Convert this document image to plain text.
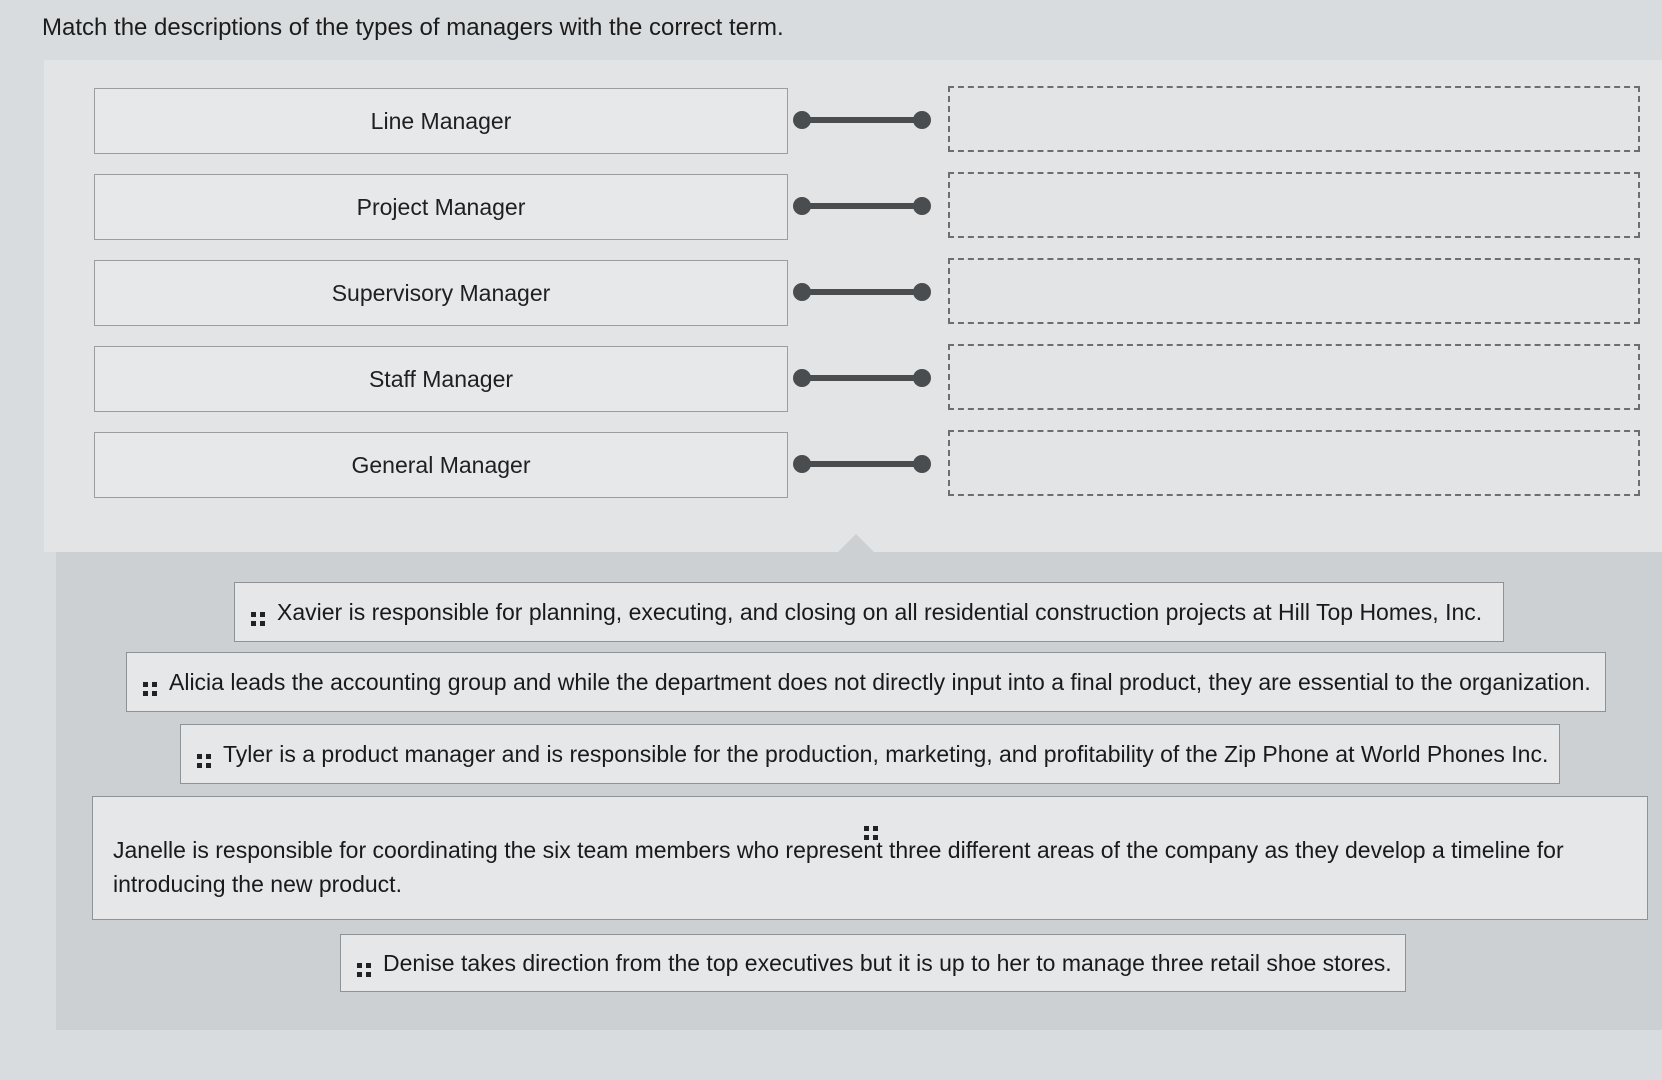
Match the descriptions of the types of managers with the correct term.
Line Manager
Project Manager
Supervisory Manager
Staff Manager
General Manager
Xavier is responsible for planning, executing, and closing on all residential construction projects at Hill Top Homes, Inc.
Alicia leads the accounting group and while the department does not directly input into a final product, they are essential to the organization.
Tyler is a product manager and is responsible for the production, marketing, and profitability of the Zip Phone at World Phones Inc.
Janelle is responsible for coordinating the six team members who represent three different areas of the company as they develop a timeline for introducing the new product.
Denise takes direction from the top executives but it is up to her to manage three retail shoe stores.
